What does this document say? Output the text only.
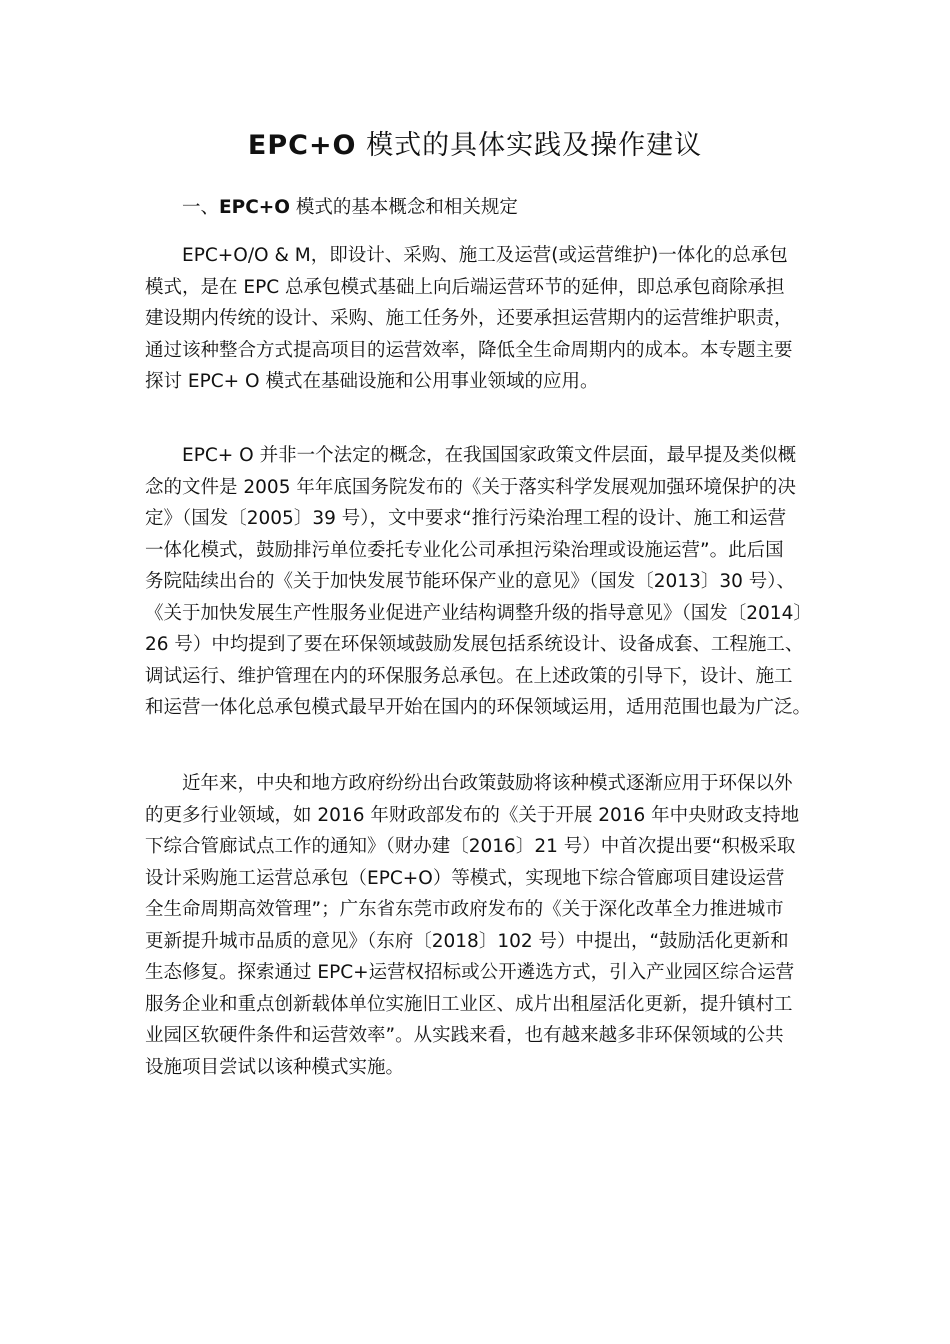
EPC+O 模式的具体实践及操作建议

一、EPC+O 模式的基本概念和相关规定

EPC+O/O & M，即设计、采购、施工及运营(或运营维护)一体化的总承包
模式，是在 EPC 总承包模式基础上向后端运营环节的延伸，即总承包商除承担
建设期内传统的设计、采购、施工任务外，还要承担运营期内的运营维护职责，
通过该种整合方式提高项目的运营效率，降低全生命周期内的成本。本专题主要
探讨 EPC+ O 模式在基础设施和公用事业领域的应用。

EPC+ O 并非一个法定的概念，在我国国家政策文件层面，最早提及类似概
念的文件是 2005 年年底国务院发布的《关于落实科学发展观加强环境保护的决
定》（国发〔2005〕39 号），文中要求“推行污染治理工程的设计、施工和运营
一体化模式，鼓励排污单位委托专业化公司承担污染治理或设施运营”。此后国
务院陆续出台的《关于加快发展节能环保产业的意见》（国发〔2013〕30 号）、
《关于加快发展生产性服务业促进产业结构调整升级的指导意见》（国发〔2014〕
26 号）中均提到了要在环保领域鼓励发展包括系统设计、设备成套、工程施工、
调试运行、维护管理在内的环保服务总承包。在上述政策的引导下，设计、施工
和运营一体化总承包模式最早开始在国内的环保领域运用，适用范围也最为广泛。

近年来，中央和地方政府纷纷出台政策鼓励将该种模式逐渐应用于环保以外
的更多行业领域，如 2016 年财政部发布的《关于开展 2016 年中央财政支持地
下综合管廊试点工作的通知》（财办建〔2016〕21 号）中首次提出要“积极采取
设计采购施工运营总承包（EPC+O）等模式，实现地下综合管廊项目建设运营
全生命周期高效管理”；广东省东莞市政府发布的《关于深化改革全力推进城市
更新提升城市品质的意见》（东府〔2018〕102 号）中提出，“鼓励活化更新和
生态修复。探索通过 EPC+运营权招标或公开遴选方式，引入产业园区综合运营
服务企业和重点创新载体单位实施旧工业区、成片出租屋活化更新，提升镇村工
业园区软硬件条件和运营效率”。从实践来看，也有越来越多非环保领域的公共
设施项目尝试以该种模式实施。
